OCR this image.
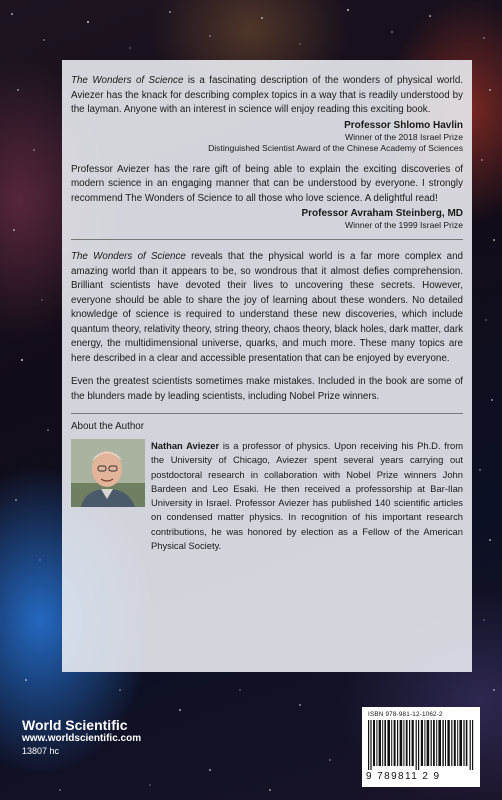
The Wonders of Science is a fascinating description of the wonders of physical world. Aviezer has the knack for describing complex topics in a way that is readily understood by the layman. Anyone with an interest in science will enjoy reading this exciting book.

Professor Shlomo Havlin
Winner of the 2018 Israel Prize
Distinguished Scientist Award of the Chinese Academy of Sciences

Professor Aviezer has the rare gift of being able to explain the exciting discoveries of modern science in an engaging manner that can be understood by everyone. I strongly recommend The Wonders of Science to all those who love science. A delightful read!

Professor Avraham Steinberg, MD
Winner of the 1999 Israel Prize

The Wonders of Science reveals that the physical world is a far more complex and amazing world than it appears to be, so wondrous that it almost defies comprehension. Brilliant scientists have devoted their lives to uncovering these secrets. However, everyone should be able to share the joy of learning about these wonders. No detailed knowledge of science is required to understand these new discoveries, which include quantum theory, relativity theory, string theory, chaos theory, black holes, dark matter, dark energy, the multidimensional universe, quarks, and much more. These many topics are here described in a clear and accessible presentation that can be enjoyed by everyone.

Even the greatest scientists sometimes make mistakes. Included in the book are some of the blunders made by leading scientists, including Nobel Prize winners.

About the Author

Nathan Aviezer is a professor of physics. Upon receiving his Ph.D. from the University of Chicago, Aviezer spent several years carrying out postdoctoral research in collaboration with Nobel Prize winners John Bardeen and Leo Esaki. He then received a professorship at Bar-Ilan University in Israel. Professor Aviezer has published 140 scientific articles on condensed matter physics. In recognition of his important research contributions, he was honored by election as a Fellow of the American Physical Society.

World Scientific
www.worldscientific.com
13807 hc
ISBN 978-981-12-1062-2
9 789811 2 9
